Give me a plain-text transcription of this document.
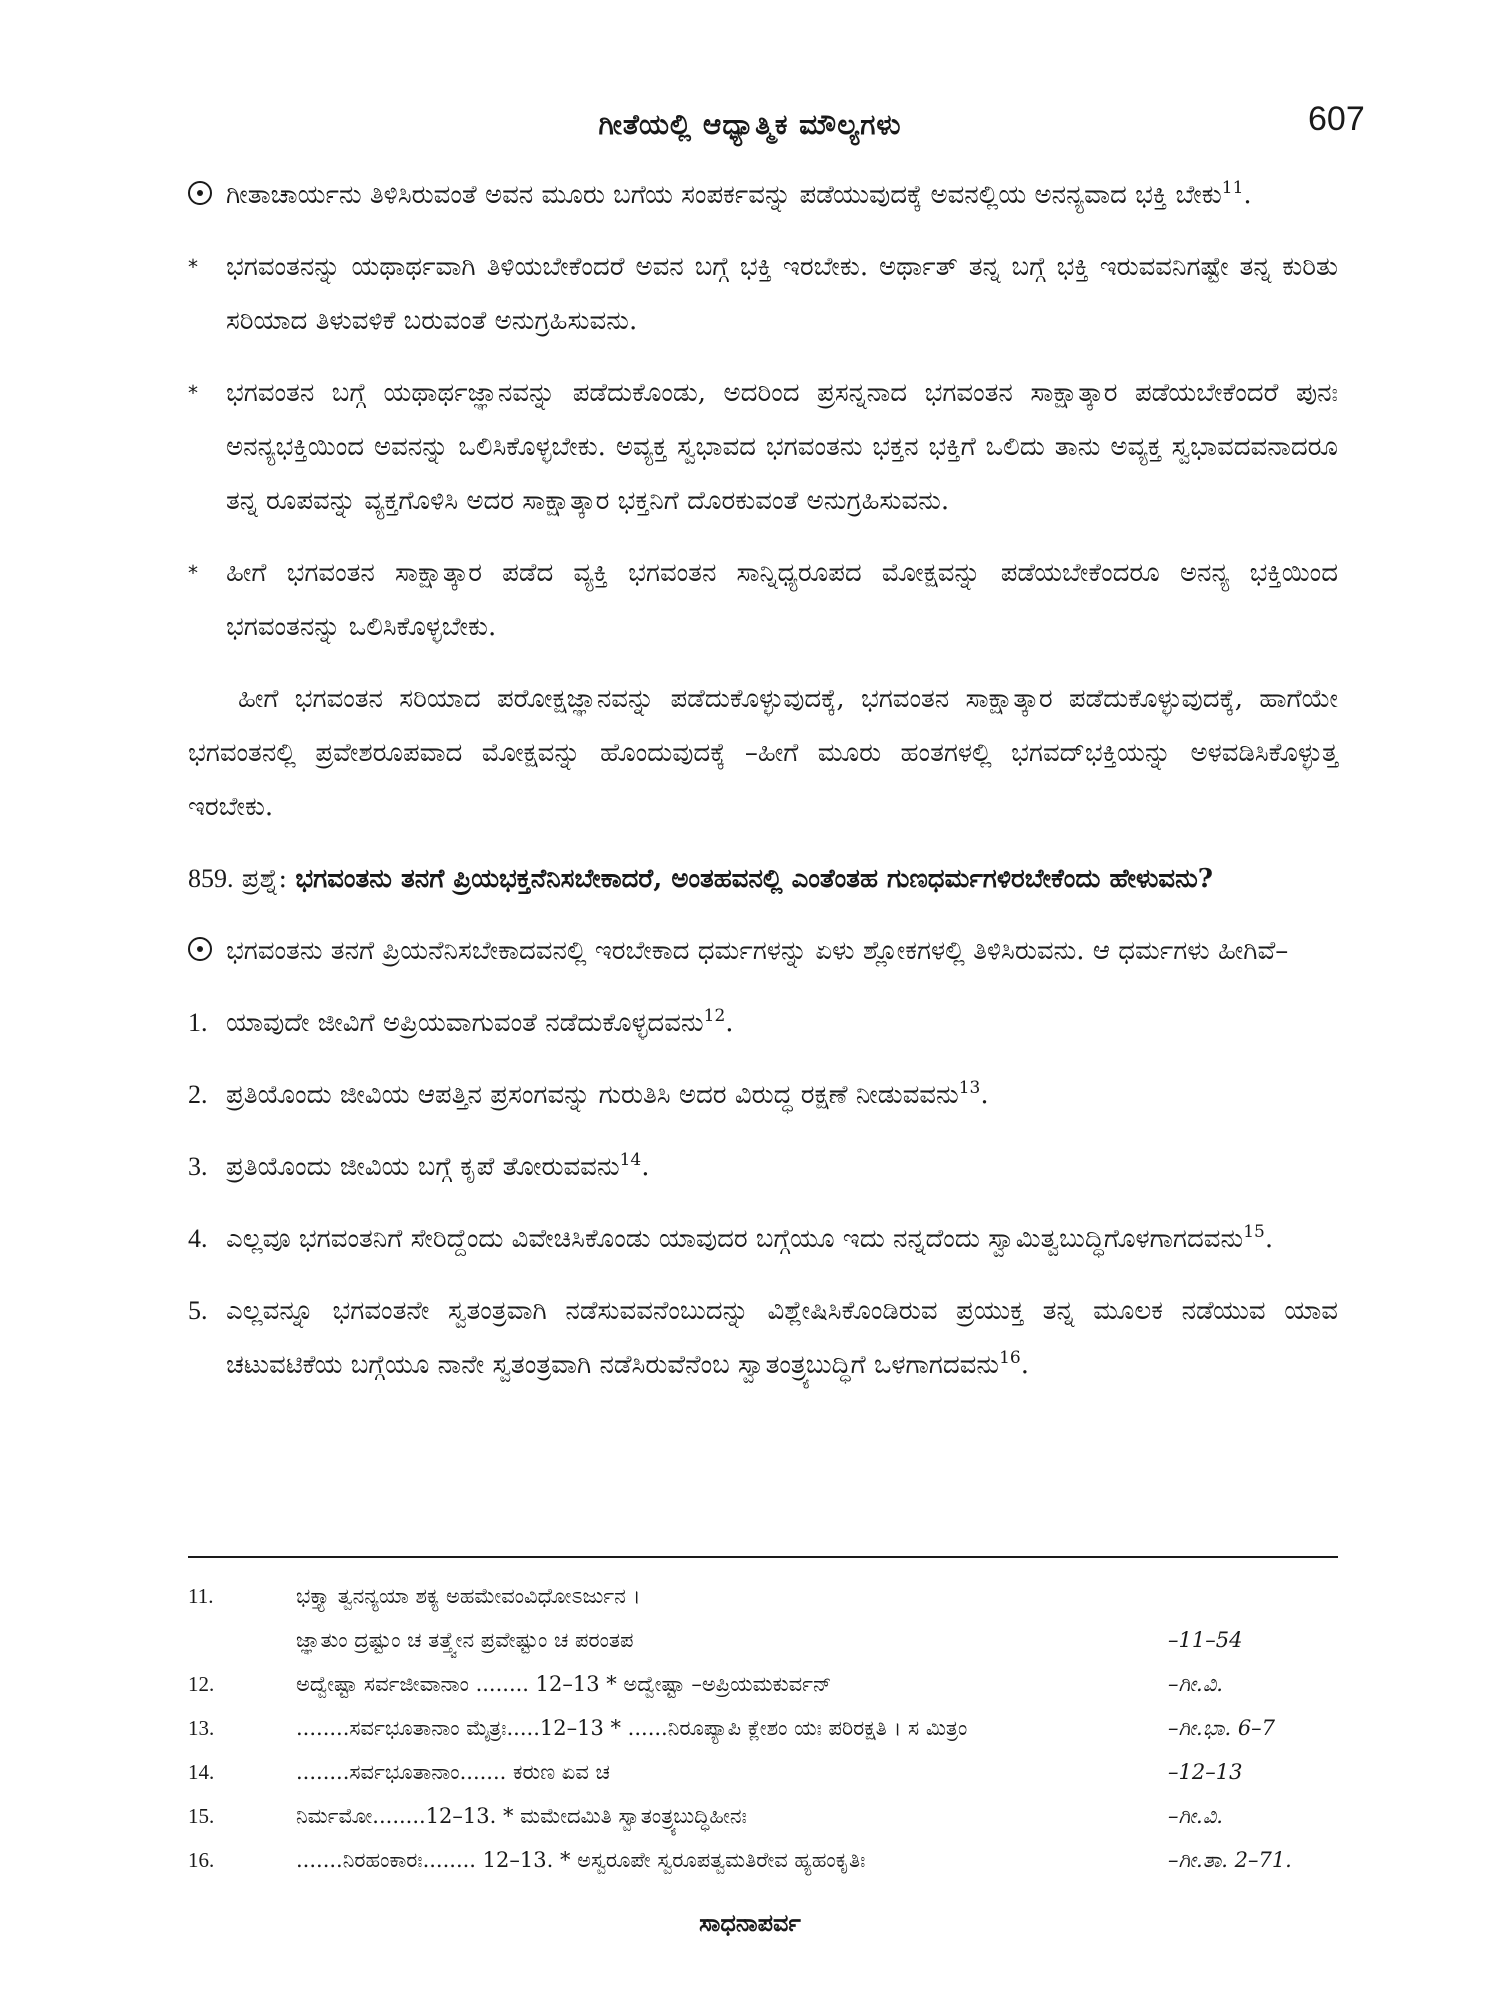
ಗೀತೆಯಲ್ಲಿ ಆಧ್ಯಾತ್ಮಿಕ ಮೌಲ್ಯಗಳು	607
ಗೀತಾಚಾರ್ಯನು ತಿಳಿಸಿರುವಂತೆ ಅವನ ಮೂರು ಬಗೆಯ ಸಂಪರ್ಕವನ್ನು ಪಡೆಯುವುದಕ್ಕೆ ಅವನಲ್ಲಿಯ ಅನನ್ಯವಾದ ಭಕ್ತಿ ಬೇಕು$^{11}$.
*	ಭಗವಂತನನ್ನು ಯಥಾರ್ಥವಾಗಿ ತಿಳಿಯಬೇಕೆಂದರೆ ಅವನ ಬಗ್ಗೆ ಭಕ್ತಿ ಇರಬೇಕು. ಅರ್ಥಾತ್ ತನ್ನ ಬಗ್ಗೆ ಭಕ್ತಿ ಇರುವವನಿಗಷ್ಟೇ ತನ್ನ ಕುರಿತು ಸರಿಯಾದ ತಿಳುವಳಿಕೆ ಬರುವಂತೆ ಅನುಗ್ರಹಿಸುವನು.
*	ಭಗವಂತನ ಬಗ್ಗೆ ಯಥಾರ್ಥಜ್ಞಾನವನ್ನು ಪಡೆದುಕೊಂಡು, ಅದರಿಂದ ಪ್ರಸನ್ನನಾದ ಭಗವಂತನ ಸಾಕ್ಷಾತ್ಕಾರ ಪಡೆಯಬೇಕೆಂದರೆ ಪುನಃ ಅನನ್ಯಭಕ್ತಿಯಿಂದ ಅವನನ್ನು ಒಲಿಸಿಕೊಳ್ಳಬೇಕು. ಅವ್ಯಕ್ತ ಸ್ವಭಾವದ ಭಗವಂತನು ಭಕ್ತನ ಭಕ್ತಿಗೆ ಒಲಿದು ತಾನು ಅವ್ಯಕ್ತ ಸ್ವಭಾವದವನಾದರೂ ತನ್ನ ರೂಪವನ್ನು ವ್ಯಕ್ತಗೊಳಿಸಿ ಅದರ ಸಾಕ್ಷಾತ್ಕಾರ ಭಕ್ತನಿಗೆ ದೊರಕುವಂತೆ ಅನುಗ್ರಹಿಸುವನು.
*	ಹೀಗೆ ಭಗವಂತನ ಸಾಕ್ಷಾತ್ಕಾರ ಪಡೆದ ವ್ಯಕ್ತಿ ಭಗವಂತನ ಸಾನ್ನಿಧ್ಯರೂಪದ ಮೋಕ್ಷವನ್ನು ಪಡೆಯಬೇಕೆಂದರೂ ಅನನ್ಯ ಭಕ್ತಿಯಿಂದ ಭಗವಂತನನ್ನು ಒಲಿಸಿಕೊಳ್ಳಬೇಕು.
ಹೀಗೆ ಭಗವಂತನ ಸರಿಯಾದ ಪರೋಕ್ಷಜ್ಞಾನವನ್ನು ಪಡೆದುಕೊಳ್ಳುವುದಕ್ಕೆ, ಭಗವಂತನ ಸಾಕ್ಷಾತ್ಕಾರ ಪಡೆದುಕೊಳ್ಳುವುದಕ್ಕೆ, ಹಾಗೆಯೇ ಭಗವಂತನಲ್ಲಿ ಪ್ರವೇಶರೂಪವಾದ ಮೋಕ್ಷವನ್ನು ಹೊಂದುವುದಕ್ಕೆ –ಹೀಗೆ ಮೂರು ಹಂತಗಳಲ್ಲಿ ಭಗವದ್‌ಭಕ್ತಿಯನ್ನು ಅಳವಡಿಸಿಕೊಳ್ಳುತ್ತ ಇರಬೇಕು.
859. ಪ್ರಶ್ನೆ: ಭಗವಂತನು ತನಗೆ ಪ್ರಿಯಭಕ್ತನೆನಿಸಬೇಕಾದರೆ, ಅಂತಹವನಲ್ಲಿ ಎಂತೆಂತಹ ಗುಣಧರ್ಮಗಳಿರಬೇಕೆಂದು ಹೇಳುವನು?
ಭಗವಂತನು ತನಗೆ ಪ್ರಿಯನೆನಿಸಬೇಕಾದವನಲ್ಲಿ ಇರಬೇಕಾದ ಧರ್ಮಗಳನ್ನು ಏಳು ಶ್ಲೋಕಗಳಲ್ಲಿ ತಿಳಿಸಿರುವನು. ಆ ಧರ್ಮಗಳು ಹೀಗಿವೆ–
1. ಯಾವುದೇ ಜೀವಿಗೆ ಅಪ್ರಿಯವಾಗುವಂತೆ ನಡೆದುಕೊಳ್ಳದವನು$^{12}$.
2. ಪ್ರತಿಯೊಂದು ಜೀವಿಯ ಆಪತ್ತಿನ ಪ್ರಸಂಗವನ್ನು ಗುರುತಿಸಿ ಅದರ ವಿರುದ್ಧ ರಕ್ಷಣೆ ನೀಡುವವನು$^{13}$.
3. ಪ್ರತಿಯೊಂದು ಜೀವಿಯ ಬಗ್ಗೆ ಕೃಪೆ ತೋರುವವನು$^{14}$.
4. ಎಲ್ಲವೂ ಭಗವಂತನಿಗೆ ಸೇರಿದ್ದೆಂದು ವಿವೇಚಿಸಿಕೊಂಡು ಯಾವುದರ ಬಗ್ಗೆಯೂ ಇದು ನನ್ನದೆಂದು ಸ್ವಾಮಿತ್ವಬುದ್ಧಿಗೊಳಗಾಗದವನು$^{15}$.
5. ಎಲ್ಲವನ್ನೂ ಭಗವಂತನೇ ಸ್ವತಂತ್ರವಾಗಿ ನಡೆಸುವವನೆಂಬುದನ್ನು ವಿಶ್ಲೇಷಿಸಿಕೊಂಡಿರುವ ಪ್ರಯುಕ್ತ ತನ್ನ ಮೂಲಕ ನಡೆಯುವ ಯಾವ ಚಟುವಟಿಕೆಯ ಬಗ್ಗೆಯೂ ನಾನೇ ಸ್ವತಂತ್ರವಾಗಿ ನಡೆಸಿರುವೆನೆಂಬ ಸ್ವಾತಂತ್ರ್ಯಬುದ್ಧಿಗೆ ಒಳಗಾಗದವನು$^{16}$.
11.	ಭಕ್ತ್ಯಾ ತ್ವನನ್ಯಯಾ ಶಕ್ಯ ಅಹಮೇವಂವಿಧೋಽರ್ಜುನ ।
ಜ್ಞಾತುಂ ದ್ರಷ್ಟುಂ ಚ ತತ್ತ್ವೇನ ಪ್ರವೇಷ್ಟುಂ ಚ ಪರಂತಪ	–11–54
12.	ಅದ್ವೇಷ್ಟಾ ಸರ್ವಜೀವಾನಾಂ ........ 12–13 * ಅದ್ವೇಷ್ಟಾ –ಅಪ್ರಿಯಮಕುರ್ವನ್	–ಗೀ.ವಿ.
13.	........ಸರ್ವಭೂತಾನಾಂ ಮೈತ್ರಃ.....12–13 * ......ನಿರೂಪ್ಯಾಪಿ ಕ್ಲೇಶಂ ಯಃ ಪರಿರಕ್ಷತಿ । ಸ ಮಿತ್ರಂ	–ಗೀ.ಭಾ. 6–7
14.	........ಸರ್ವಭೂತಾನಾಂ....... ಕರುಣ ಏವ ಚ	–12–13
15.	ನಿರ್ಮಮೋ........12–13. * ಮಮೇದಮಿತಿ ಸ್ವಾತಂತ್ರ್ಯಬುದ್ಧಿಹೀನಃ	–ಗೀ.ವಿ.
16.	.......ನಿರಹಂಕಾರಃ........ 12–13. * ಅಸ್ವರೂಪೇ ಸ್ವರೂಪತ್ವಮತಿರೇವ ಹ್ಯಹಂಕೃತಿಃ	–ಗೀ.ತಾ. 2–71.
ಸಾಧನಾಪರ್ವ
